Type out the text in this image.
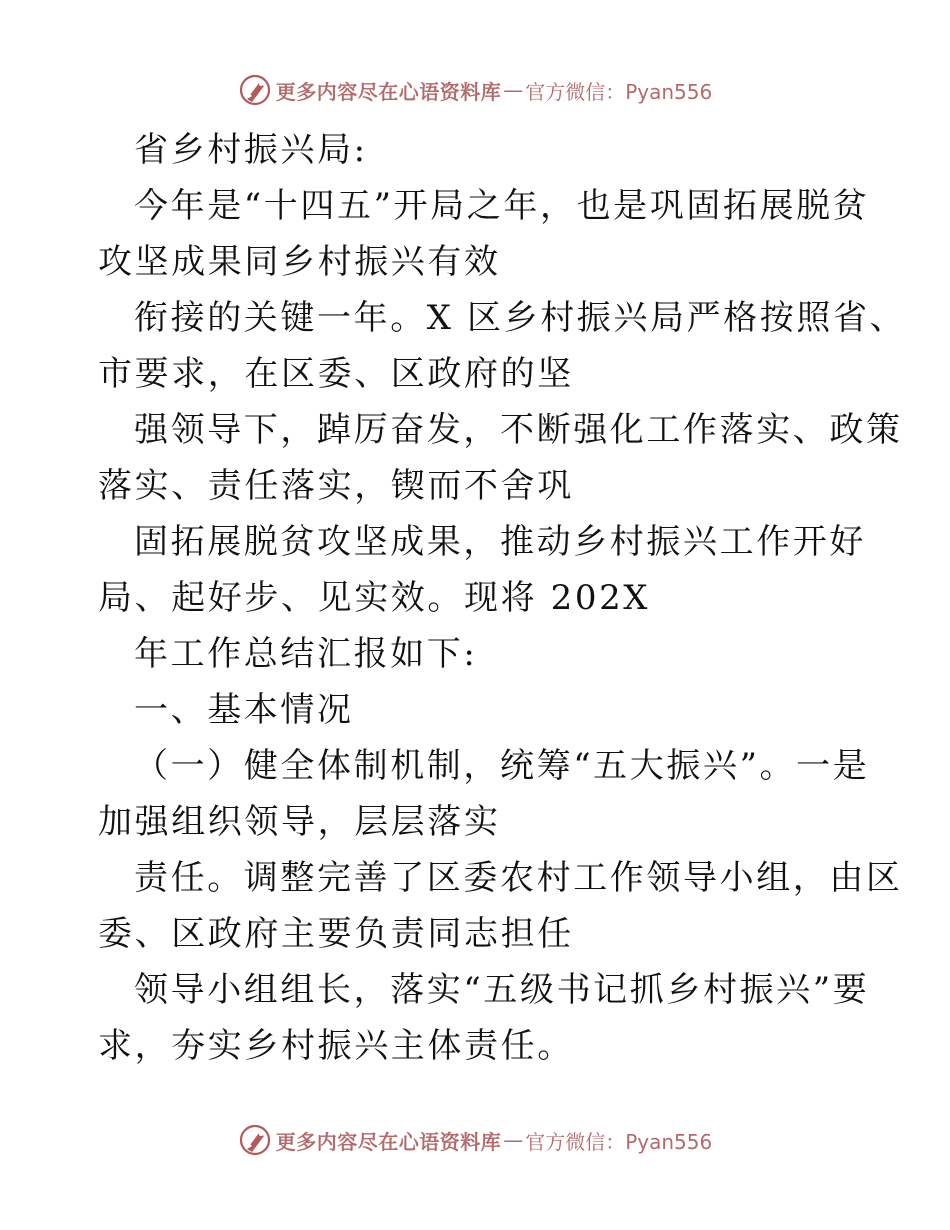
更多内容尽在心语资料库 — 官方微信：Pyan556
省乡村振兴局:
今年是“十四五”开局之年，也是巩固拓展脱贫
攻坚成果同乡村振兴有效
衔接的关键一年。X 区乡村振兴局严格按照省、
市要求，在区委、区政府的坚
强领导下，踔厉奋发，不断强化工作落实、政策
落实、责任落实，锲而不舍巩
固拓展脱贫攻坚成果，推动乡村振兴工作开好
局、起好步、见实效。现将 202X
年工作总结汇报如下:
一、基本情况
（一）健全体制机制，统筹“五大振兴”。一是
加强组织领导，层层落实
责任。调整完善了区委农村工作领导小组，由区
委、区政府主要负责同志担任
领导小组组长，落实“五级书记抓乡村振兴”要
求，夯实乡村振兴主体责任。
更多内容尽在心语资料库 — 官方微信：Pyan556
